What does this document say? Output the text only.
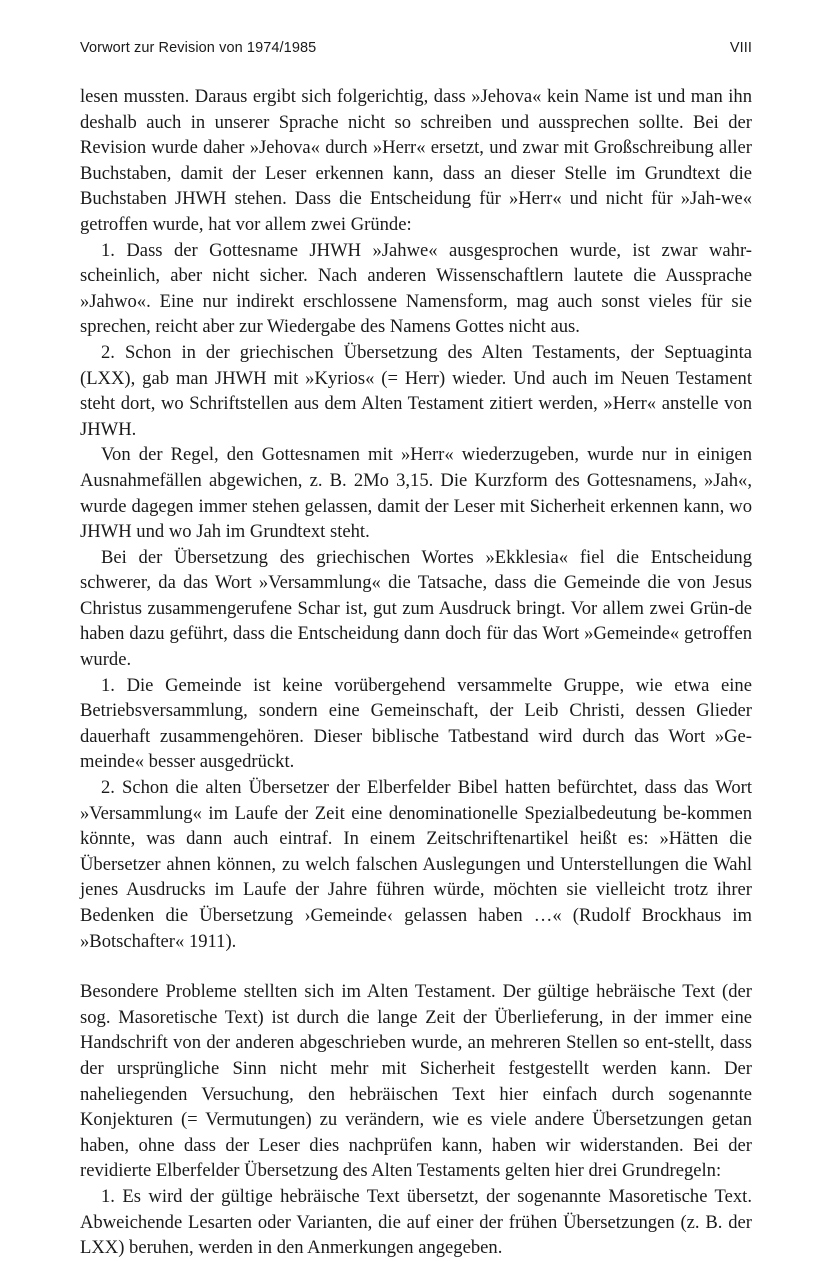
Vorwort zur Revision von 1974/1985	VIII

lesen mussten. Daraus ergibt sich folgerichtig, dass »Jehova« kein Name ist und man ihn deshalb auch in unserer Sprache nicht so schreiben und aussprechen sollte. Bei der Revision wurde daher »Jehova« durch »Herr« ersetzt, und zwar mit Großschreibung aller Buchstaben, damit der Leser erkennen kann, dass an dieser Stelle im Grundtext die Buchstaben JHWH stehen. Dass die Entscheidung für »Herr« und nicht für »Jah-we« getroffen wurde, hat vor allem zwei Gründe:

1. Dass der Gottesname JHWH »Jahwe« ausgesprochen wurde, ist zwar wahr-scheinlich, aber nicht sicher. Nach anderen Wissenschaftlern lautete die Aussprache »Jahwo«. Eine nur indirekt erschlossene Namensform, mag auch sonst vieles für sie sprechen, reicht aber zur Wiedergabe des Namens Gottes nicht aus.

2. Schon in der griechischen Übersetzung des Alten Testaments, der Septuaginta (LXX), gab man JHWH mit »Kyrios« (= Herr) wieder. Und auch im Neuen Testament steht dort, wo Schriftstellen aus dem Alten Testament zitiert werden, »Herr« anstelle von JHWH.

Von der Regel, den Gottesnamen mit »Herr« wiederzugeben, wurde nur in einigen Ausnahmefällen abgewichen, z. B. 2Mo 3,15. Die Kurzform des Gottesnamens, »Jah«, wurde dagegen immer stehen gelassen, damit der Leser mit Sicherheit erkennen kann, wo JHWH und wo Jah im Grundtext steht.

Bei der Übersetzung des griechischen Wortes »Ekklesia« fiel die Entscheidung schwerer, da das Wort »Versammlung« die Tatsache, dass die Gemeinde die von Jesus Christus zusammengerufene Schar ist, gut zum Ausdruck bringt. Vor allem zwei Grün-de haben dazu geführt, dass die Entscheidung dann doch für das Wort »Gemeinde« getroffen wurde.

1. Die Gemeinde ist keine vorübergehend versammelte Gruppe, wie etwa eine Betriebsversammlung, sondern eine Gemeinschaft, der Leib Christi, dessen Glieder dauerhaft zusammengehören. Dieser biblische Tatbestand wird durch das Wort »Ge-meinde« besser ausgedrückt.

2. Schon die alten Übersetzer der Elberfelder Bibel hatten befürchtet, dass das Wort »Versammlung« im Laufe der Zeit eine denominationelle Spezialbedeutung be-kommen könnte, was dann auch eintraf. In einem Zeitschriftenartikel heißt es: »Hätten die Übersetzer ahnen können, zu welch falschen Auslegungen und Unterstellungen die Wahl jenes Ausdrucks im Laufe der Jahre führen würde, möchten sie vielleicht trotz ihrer Bedenken die Übersetzung ›Gemeinde‹ gelassen haben …« (Rudolf Brockhaus im »Botschafter« 1911).

Besondere Probleme stellten sich im Alten Testament. Der gültige hebräische Text (der sog. Masoretische Text) ist durch die lange Zeit der Überlieferung, in der immer eine Handschrift von der anderen abgeschrieben wurde, an mehreren Stellen so ent-stellt, dass der ursprüngliche Sinn nicht mehr mit Sicherheit festgestellt werden kann. Der naheliegenden Versuchung, den hebräischen Text hier einfach durch sogenannte Konjekturen (= Vermutungen) zu verändern, wie es viele andere Übersetzungen getan haben, ohne dass der Leser dies nachprüfen kann, haben wir widerstanden. Bei der revidierte Elberfelder Übersetzung des Alten Testaments gelten hier drei Grundregeln:

1. Es wird der gültige hebräische Text übersetzt, der sogenannte Masoretische Text. Abweichende Lesarten oder Varianten, die auf einer der frühen Übersetzungen (z. B. der LXX) beruhen, werden in den Anmerkungen angegeben.
